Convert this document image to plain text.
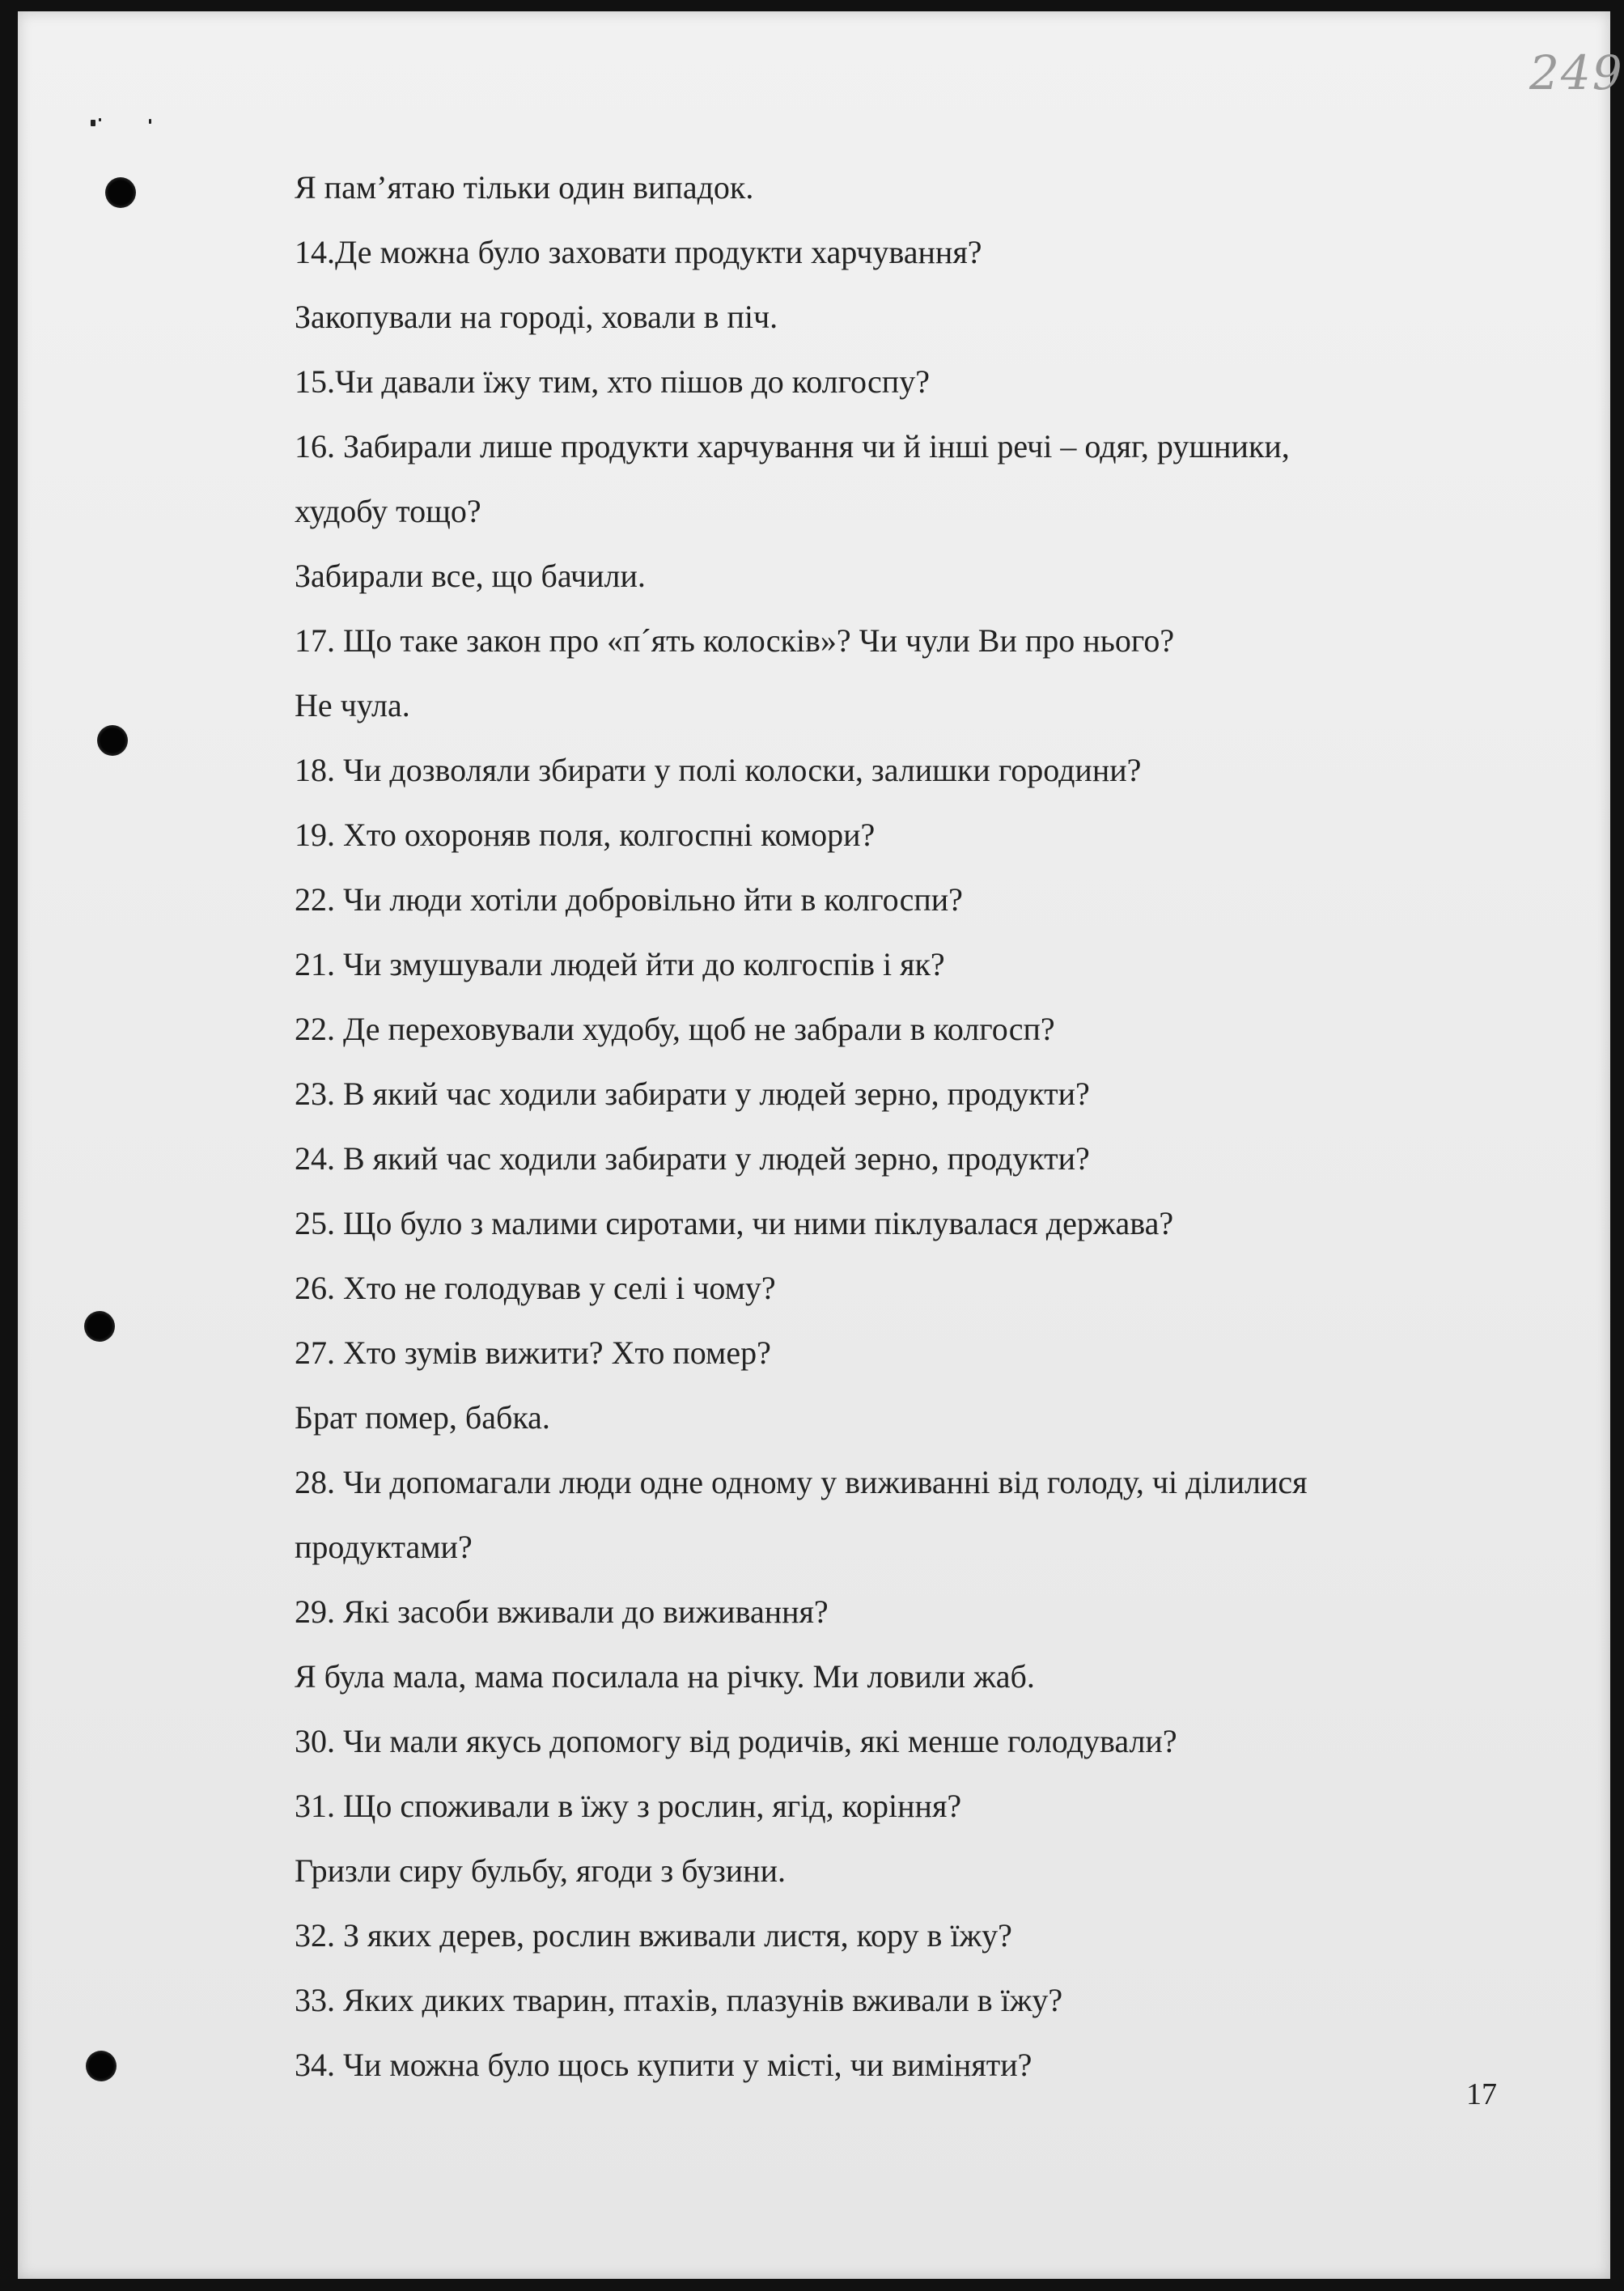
249
Я пам’ятаю тільки один випадок.
14.Де можна було заховати продукти харчування?
Закопували на городі, ховали в піч.
15.Чи давали їжу тим, хто пішов до колгоспу?
16. Забирали лише продукти харчування чи й інші речі – одяг, рушники,
худобу тощо?
Забирали все, що бачили.
17. Що таке закон про «п´ять колосків»? Чи чули Ви про нього?
Не чула.
18. Чи дозволяли збирати у полі колоски, залишки городини?
19. Хто охороняв поля, колгоспні комори?
22. Чи люди хотіли добровільно йти в колгоспи?
21. Чи змушували людей йти до колгоспів і як?
22. Де переховували худобу, щоб не забрали в колгосп?
23. В який час ходили забирати у людей зерно, продукти?
24. В який час ходили забирати у людей зерно, продукти?
25. Що було з малими сиротами, чи ними піклувалася держава?
26. Хто не голодував у селі і чому?
27. Хто зумів вижити? Хто помер?
Брат помер, бабка.
28. Чи допомагали люди одне одному у виживанні від голоду, чі ділилися
продуктами?
29. Які засоби вживали до виживання?
Я була мала, мама посилала на річку. Ми ловили жаб.
30. Чи мали якусь допомогу від родичів, які менше голодували?
31. Що споживали в їжу з рослин, ягід, коріння?
Гризли сиру бульбу, ягоди з бузини.
32. З яких дерев, рослин вживали листя, кору в їжу?
33. Яких диких тварин, птахів, плазунів вживали в їжу?
34. Чи можна було щось купити у місті, чи виміняти?
17
